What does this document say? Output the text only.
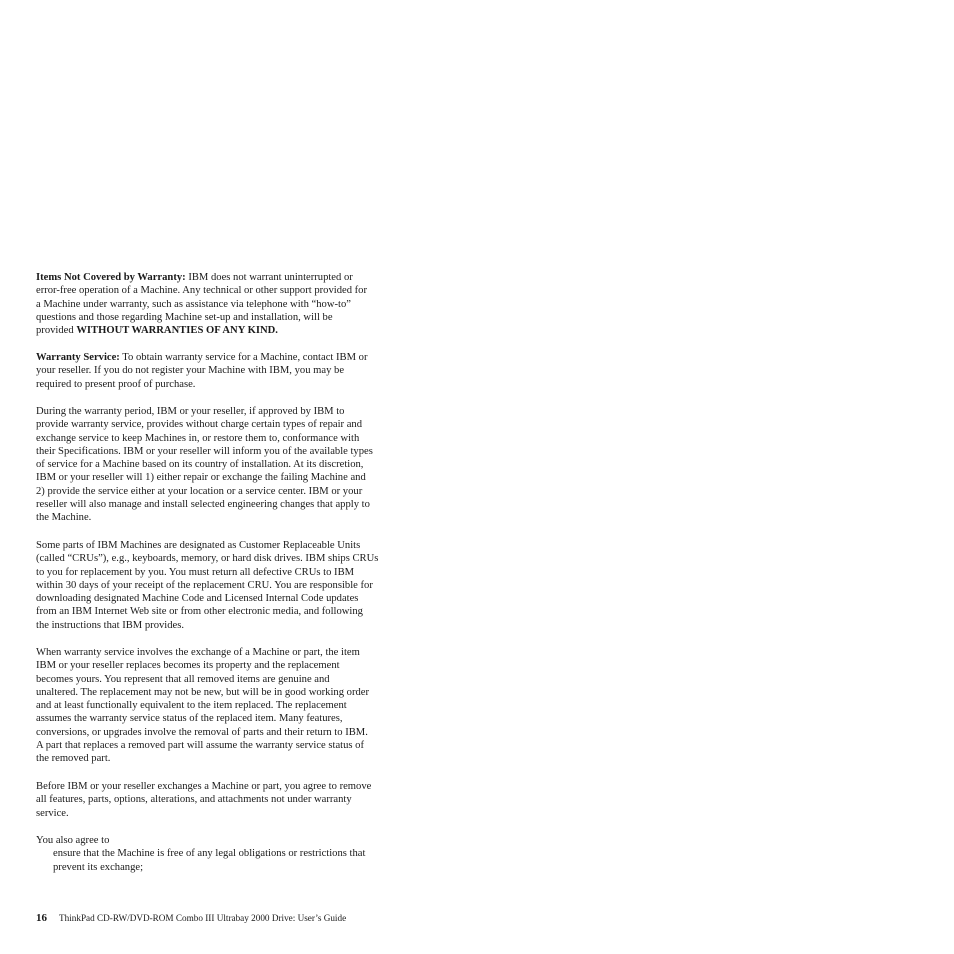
Items Not Covered by Warranty: IBM does not warrant uninterrupted or
error-free operation of a Machine. Any technical or other support provided for
a Machine under warranty, such as assistance via telephone with “how-to”
questions and those regarding Machine set-up and installation, will be
provided WITHOUT WARRANTIES OF ANY KIND.

Warranty Service: To obtain warranty service for a Machine, contact IBM or
your reseller. If you do not register your Machine with IBM, you may be
required to present proof of purchase.

During the warranty period, IBM or your reseller, if approved by IBM to
provide warranty service, provides without charge certain types of repair and
exchange service to keep Machines in, or restore them to, conformance with
their Specifications. IBM or your reseller will inform you of the available types
of service for a Machine based on its country of installation. At its discretion,
IBM or your reseller will 1) either repair or exchange the failing Machine and
2) provide the service either at your location or a service center. IBM or your
reseller will also manage and install selected engineering changes that apply to
the Machine.

Some parts of IBM Machines are designated as Customer Replaceable Units
(called “CRUs”), e.g., keyboards, memory, or hard disk drives. IBM ships CRUs
to you for replacement by you. You must return all defective CRUs to IBM
within 30 days of your receipt of the replacement CRU. You are responsible for
downloading designated Machine Code and Licensed Internal Code updates
from an IBM Internet Web site or from other electronic media, and following
the instructions that IBM provides.

When warranty service involves the exchange of a Machine or part, the item
IBM or your reseller replaces becomes its property and the replacement
becomes yours. You represent that all removed items are genuine and
unaltered. The replacement may not be new, but will be in good working order
and at least functionally equivalent to the item replaced. The replacement
assumes the warranty service status of the replaced item. Many features,
conversions, or upgrades involve the removal of parts and their return to IBM.
A part that replaces a removed part will assume the warranty service status of
the removed part.

Before IBM or your reseller exchanges a Machine or part, you agree to remove
all features, parts, options, alterations, and attachments not under warranty
service.

You also agree to
ensure that the Machine is free of any legal obligations or restrictions that
prevent its exchange;

16 ThinkPad CD-RW/DVD-ROM Combo III Ultrabay 2000 Drive: User’s Guide
